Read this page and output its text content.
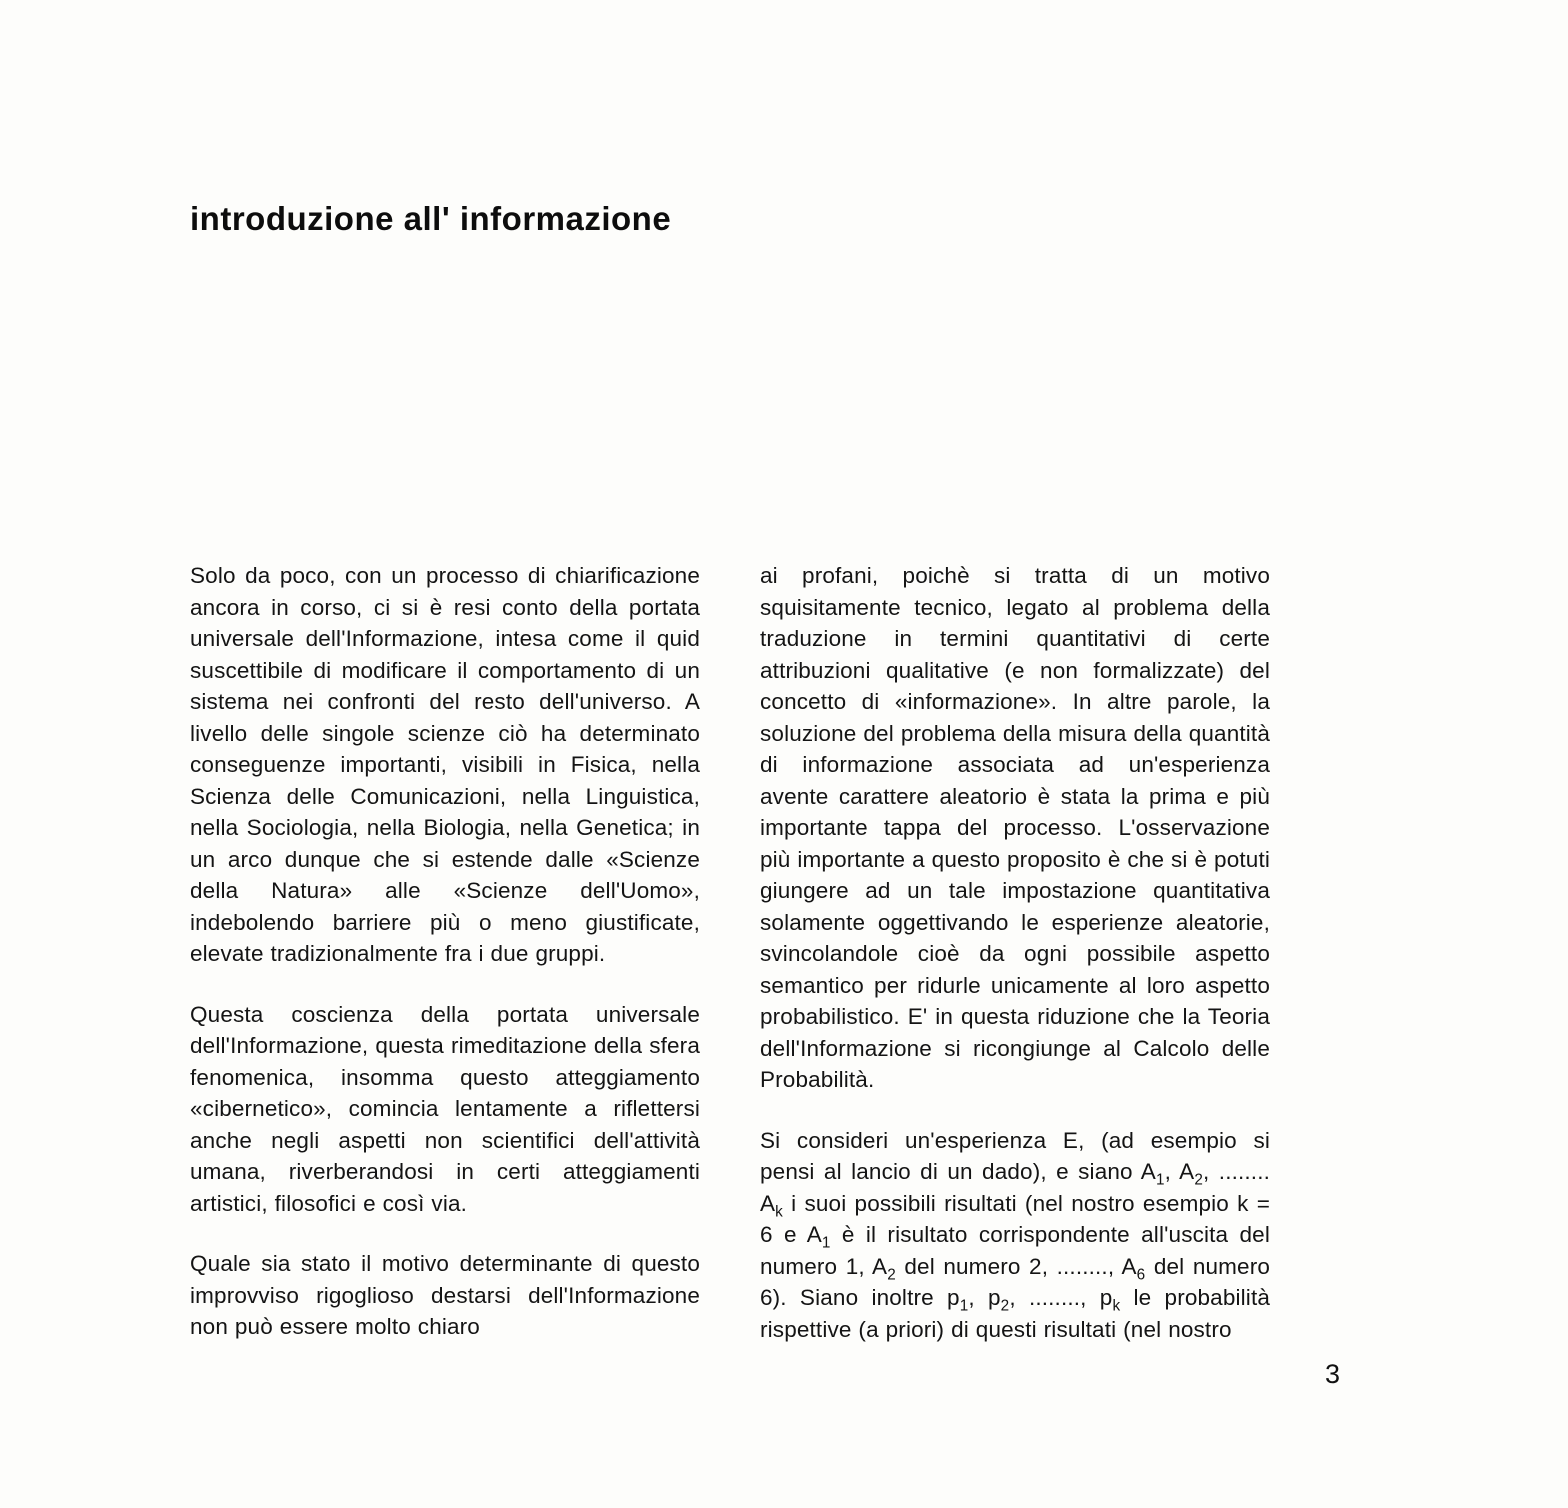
introduzione all' informazione

Solo da poco, con un processo di chiarificazione ancora in corso, ci si è resi conto della portata universale dell'Informazione, intesa come il quid suscettibile di modificare il comportamento di un sistema nei confronti del resto dell'universo. A livello delle singole scienze ciò ha determinato conseguenze importanti, visibili in Fisica, nella Scienza delle Comunicazioni, nella Linguistica, nella Sociologia, nella Biologia, nella Genetica; in un arco dunque che si estende dalle «Scienze della Natura» alle «Scienze dell'Uomo», indebolendo barriere più o meno giustificate, elevate tradizionalmente fra i due gruppi.

Questa coscienza della portata universale dell'Informazione, questa rimeditazione della sfera fenomenica, insomma questo atteggiamento «cibernetico», comincia lentamente a riflettersi anche negli aspetti non scientifici dell'attività umana, riverberandosi in certi atteggiamenti artistici, filosofici e così via.

Quale sia stato il motivo determinante di questo improvviso rigoglioso destarsi dell'Informazione non può essere molto chiaro

ai profani, poichè si tratta di un motivo squisitamente tecnico, legato al problema della traduzione in termini quantitativi di certe attribuzioni qualitative (e non formalizzate) del concetto di «informazione». In altre parole, la soluzione del problema della misura della quantità di informazione associata ad un'esperienza avente carattere aleatorio è stata la prima e più importante tappa del processo. L'osservazione più importante a questo proposito è che si è potuti giungere ad un tale impostazione quantitativa solamente oggettivando le esperienze aleatorie, svincolandole cioè da ogni possibile aspetto semantico per ridurle unicamente al loro aspetto probabilistico. E' in questa riduzione che la Teoria dell'Informazione si ricongiunge al Calcolo delle Probabilità.

Si consideri un'esperienza E, (ad esempio si pensi al lancio di un dado), e siano $A_1$, $A_2$, ........ $A_k$ i suoi possibili risultati (nel nostro esempio k = 6 e $A_1$ è il risultato corrispondente all'uscita del numero 1, $A_2$ del numero 2, ........, $A_6$ del numero 6). Siano inoltre $p_1$, $p_2$, ........, $p_k$ le probabilità rispettive (a priori) di questi risultati (nel nostro

3
